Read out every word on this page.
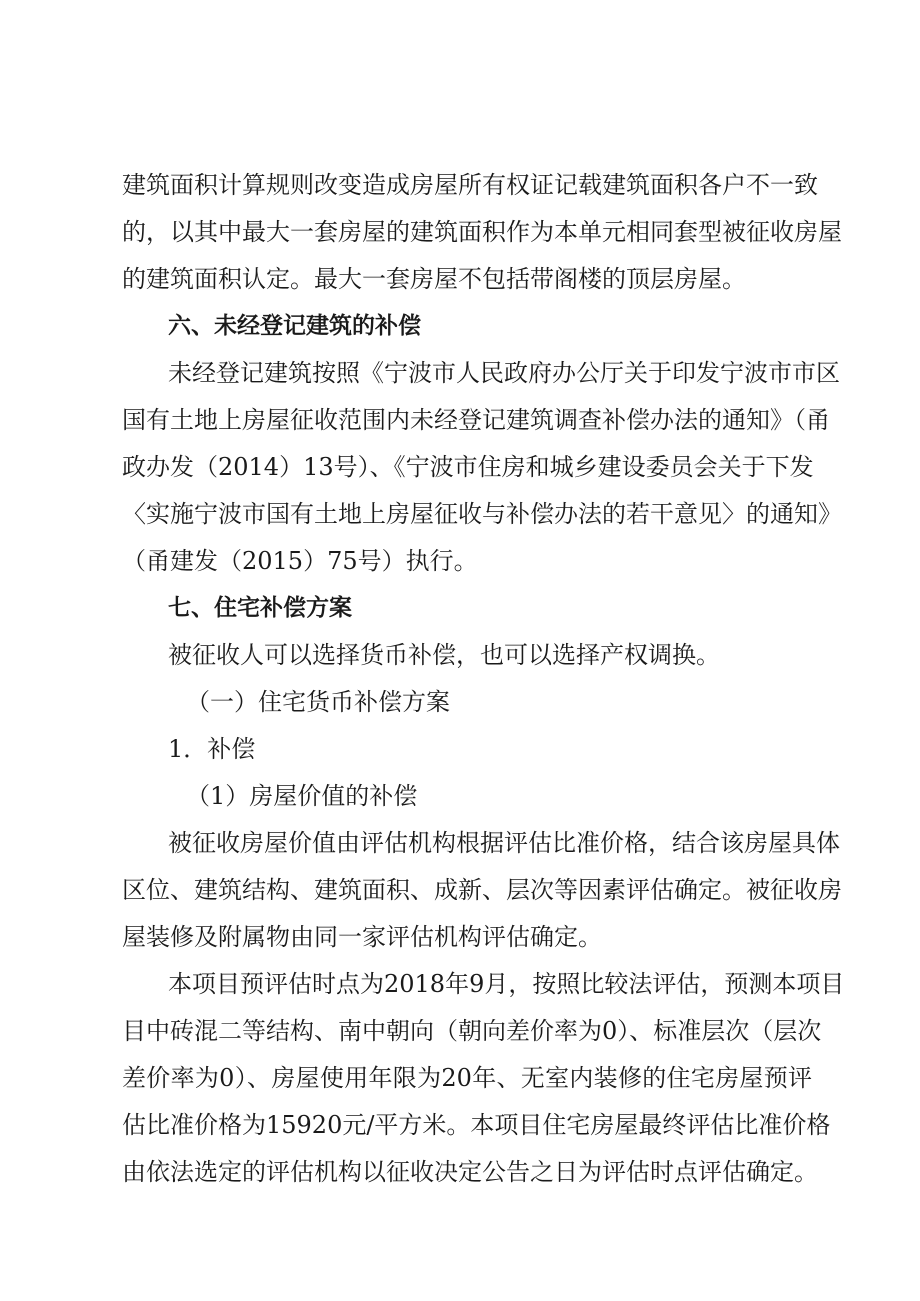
建筑面积计算规则改变造成房屋所有权证记载建筑面积各户不一致
的，以其中最大一套房屋的建筑面积作为本单元相同套型被征收房屋
的建筑面积认定。最大一套房屋不包括带阁楼的顶层房屋。
六、未经登记建筑的补偿
未经登记建筑按照《宁波市人民政府办公厅关于印发宁波市市区
国有土地上房屋征收范围内未经登记建筑调查补偿办法的通知》（甬
政办发（2014）13号）、《宁波市住房和城乡建设委员会关于下发
〈实施宁波市国有土地上房屋征收与补偿办法的若干意见〉的通知》
（甬建发（2015）75号）执行。
七、住宅补偿方案
被征收人可以选择货币补偿，也可以选择产权调换。
（一）住宅货币补偿方案
1．补偿
（1）房屋价值的补偿
被征收房屋价值由评估机构根据评估比准价格，结合该房屋具体
区位、建筑结构、建筑面积、成新、层次等因素评估确定。被征收房
屋装修及附属物由同一家评估机构评估确定。
本项目预评估时点为2018年9月，按照比较法评估，预测本项目
目中砖混二等结构、南中朝向（朝向差价率为0）、标准层次（层次
差价率为0）、房屋使用年限为20年、无室内装修的住宅房屋预评
估比准价格为15920元/平方米。本项目住宅房屋最终评估比准价格
由依法选定的评估机构以征收决定公告之日为评估时点评估确定。
